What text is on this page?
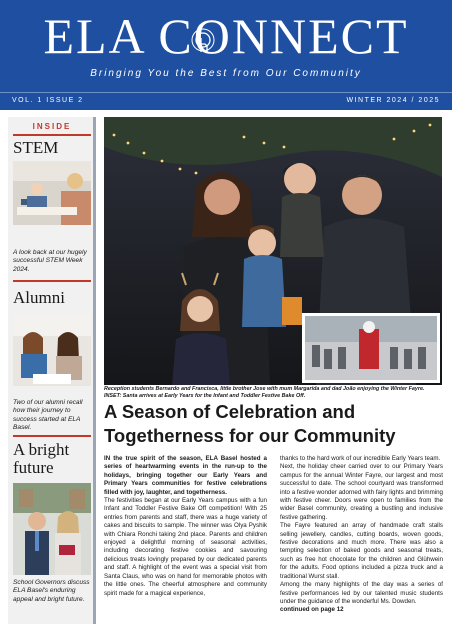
ELA CONNECT
Bringing You the Best from Our Community
VOL. 1 ISSUE 2	WINTER 2024 / 2025
INSIDE
STEM
A look back at our hugely successful STEM Week 2024.
Alumni
Two of our alumni recall how their journey to success started at ELA Basel.
A bright future
School Governors discuss ELA Basel's enduring appeal and bright future.
Reception students Bernardo and Francisca, little brother Jose with mum Margarida and dad João enjoying the Winter Fayre. INSET: Santa arrives at Early Years for the Infant and Toddler Festive Bake Off.
A Season of Celebration and Togetherness for our Community

IN the true spirit of the season, ELA Basel hosted a series of heartwarming events in the run-up to the holidays, bringing together our Early Years and Primary Years communities for festive celebrations filled with joy, laughter, and togetherness.

The festivities began at our Early Years campus with a fun Infant and Toddler Festive Bake Off competition! With 25 entries from parents and staff, there was a huge variety of cakes and biscuits to sample. The winner was Olya Pyshik with Chiara Ronchi taking 2nd place. Parents and children enjoyed a delightful morning of seasonal activities, including decorating festive cookies and savouring delicious treats lovingly prepared by our dedicated parents and staff. A highlight of the event was a special visit from Santa Claus, who was on hand for memorable photos with the little ones. The cheerful atmosphere and community spirit made for a magical experience,

thanks to the hard work of our incredible Early Years team.

Next, the holiday cheer carried over to our Primary Years campus for the annual Winter Fayre, our largest and most successful to date. The school courtyard was transformed into a festive wonder adorned with fairy lights and brimming with festive cheer. Doors were open to families from the wider Basel community, creating a bustling and inclusive festive gathering.

The Fayre featured an array of handmade craft stalls selling jewellery, candles, cutting boards, woven goods, festive decorations and much more. There was also a tempting selection of baked goods and seasonal treats, such as free hot chocolate for the children and Glühwein for the adults. Food options included a pizza truck and a traditional Wurst stall.

Among the many highlights of the day was a series of festive performances led by our talented music students under the guidance of the wonderful Ms. Dowden.

continued on page 12
